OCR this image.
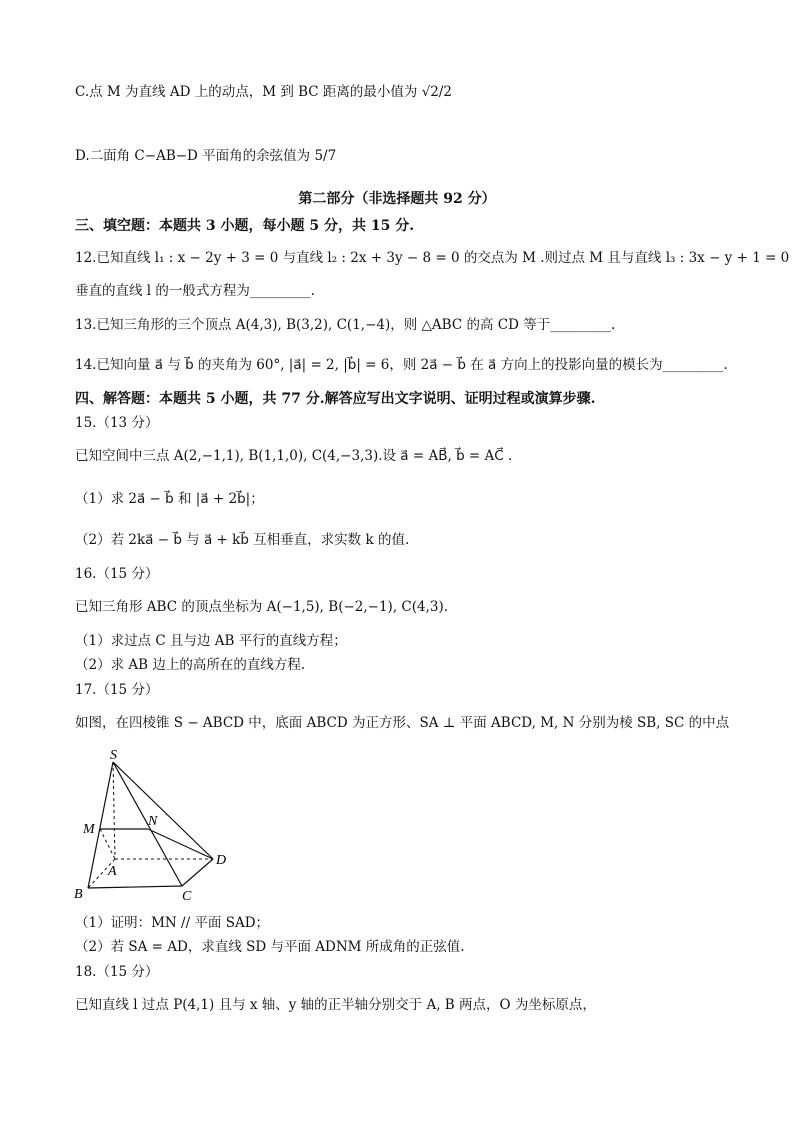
C.点 M 为直线 AD 上的动点，M 到 BC 距离的最小值为 √2/2
D.二面角 C−AB−D 平面角的余弦值为 5/7
第二部分（非选择题共 92 分）
三、填空题：本题共 3 小题，每小题 5 分，共 15 分.
12.已知直线 l₁ : x − 2y + 3 = 0 与直线 l₂ : 2x + 3y − 8 = 0 的交点为 M .则过点 M 且与直线 l₃ : 3x − y + 1 = 0
垂直的直线 l 的一般式方程为_________.
13.已知三角形的三个顶点 A(4,3), B(3,2), C(1,−4)，则 △ABC 的高 CD 等于_________.
14.已知向量 a⃗ 与 b⃗ 的夹角为 60°, |a⃗| = 2, |b⃗| = 6，则 2a⃗ − b⃗ 在 a⃗ 方向上的投影向量的模长为_________.
四、解答题：本题共 5 小题，共 77 分.解答应写出文字说明、证明过程或演算步骤.
15.（13 分）
已知空间中三点 A(2,−1,1), B(1,1,0), C(4,−3,3).设 a⃗ = AB⃗, b⃗ = AC⃗ .
（1）求 2a⃗ − b⃗ 和 |a⃗ + 2b⃗|；
（2）若 2ka⃗ − b⃗ 与 a⃗ + kb⃗ 互相垂直，求实数 k 的值.
16.（15 分）
已知三角形 ABC 的顶点坐标为 A(−1,5), B(−2,−1), C(4,3).
（1）求过点 C 且与边 AB 平行的直线方程；
（2）求 AB 边上的高所在的直线方程.
17.（15 分）
如图，在四棱锥 S − ABCD 中，底面 ABCD 为正方形、SA ⊥ 平面 ABCD, M, N 分别为棱 SB, SC 的中点
S
M
N
A
B	C
D
（1）证明：MN // 平面 SAD；
（2）若 SA = AD，求直线 SD 与平面 ADNM 所成角的正弦值.
18.（15 分）
已知直线 l 过点 P(4,1) 且与 x 轴、y 轴的正半轴分别交于 A, B 两点，O 为坐标原点，
